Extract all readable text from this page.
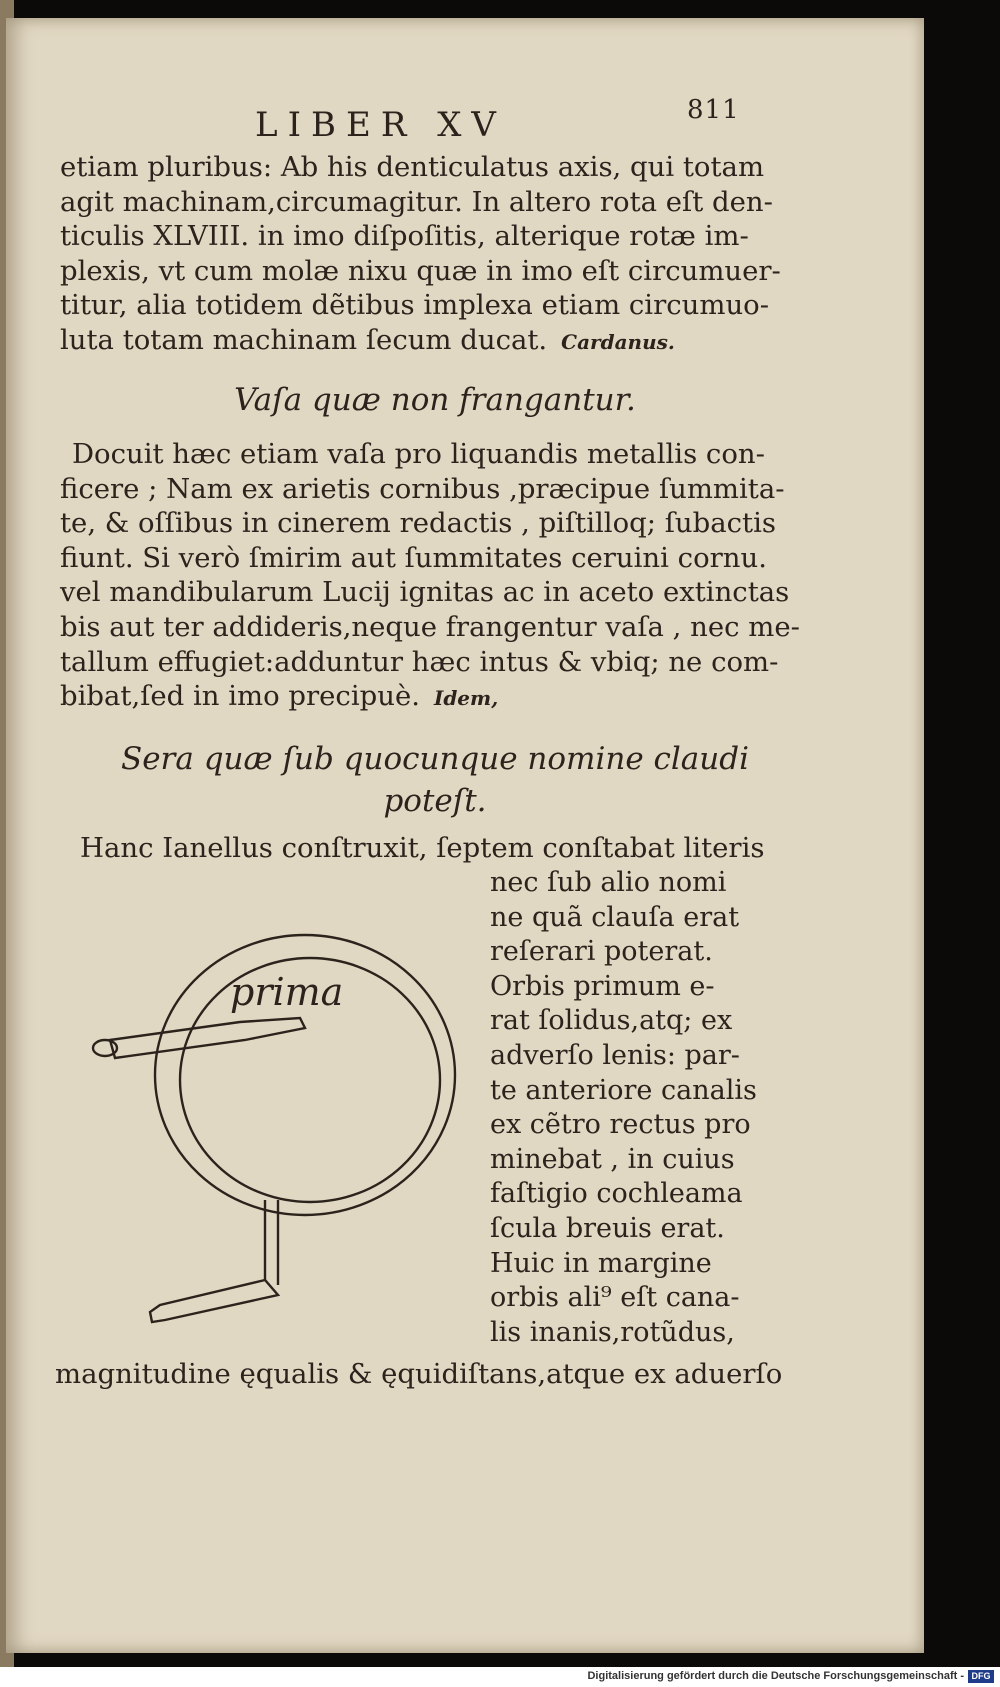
LIBER XV	811
etiam pluribus: Ab his denticulatus axis, qui totam
agit machinam,circumagitur. In altero rota eſt den-
ticulis XLVIII. in imo diſpoſitis, alterique rotæ im-
plexis, vt cum molæ nixu quæ in imo eſt circumuer-
titur, alia totidem dẽtibus implexa etiam circumuo-
luta totam machinam ſecum ducat. Cardanus.
Vaſa quæ non frangantur.
Docuit hæc etiam vaſa pro liquandis metallis con-
ficere ; Nam ex arietis cornibus ,præcipue ſummita-
te, & oſſibus in cinerem redactis , piſtilloq; ſubactis
fiunt. Si verò ſmirim aut ſummitates ceruini cornu.
vel mandibularum Lucij ignitas ac in aceto extinctas
bis aut ter addideris,neque frangentur vaſa , nec me-
tallum effugiet:adduntur hæc intus & vbiq; ne com-
bibat,ſed in imo precipuè. Idem,
Sera quæ ſub quocunque nomine claudi
poteſt.
Hanc Ianellus conſtruxit, ſeptem conſtabat literis
nec ſub alio nomi
ne quã clauſa erat
reſerari poterat.
Orbis primum e-
rat ſolidus,atq; ex
adverſo lenis: par-
te anteriore canalis
ex cẽtro rectus pro
minebat , in cuius
faſtigio cochleama
ſcula breuis erat.
Huic in margine
orbis ali⁹ eſt cana-
lis inanis,rotũdus,
prima
magnitudine ęqualis & ęquidiſtans,atque ex aduerſo
Digitalisierung gefördert durch die Deutsche Forschungsgemeinschaft - DFG
